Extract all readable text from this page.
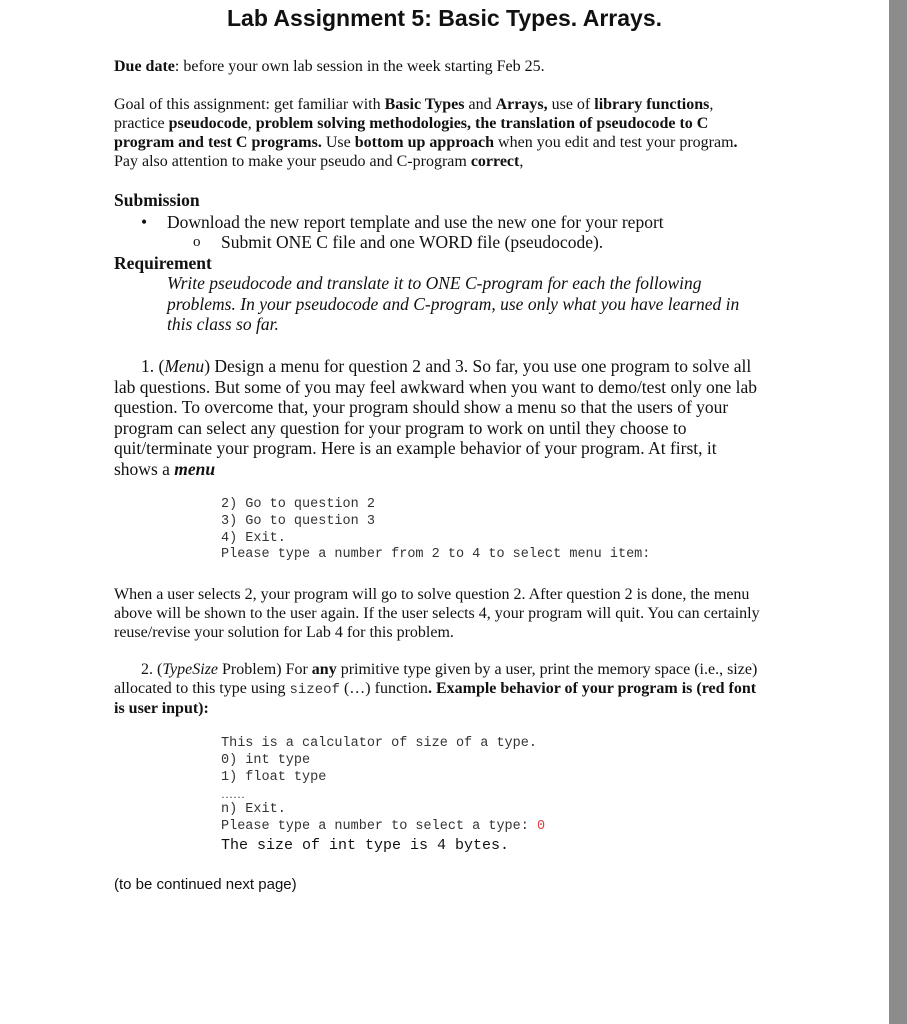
Lab Assignment 5: Basic Types. Arrays.
Due date: before your own lab session in the week starting Feb 25.
Goal of this assignment: get familiar with Basic Types and Arrays, use of library functions, practice pseudocode, problem solving methodologies, the translation of pseudocode to C program and test C programs. Use bottom up approach when you edit and test your program. Pay also attention to make your pseudo and C-program correct,
Submission
• Download the new report template and use the new one for your report
o Submit ONE C file and one WORD file (pseudocode).
Requirement
Write pseudocode and translate it to ONE C-program for each the following problems. In your pseudocode and C-program, use only what you have learned in this class so far.
1. (Menu) Design a menu for question 2 and 3. So far, you use one program to solve all lab questions. But some of you may feel awkward when you want to demo/test only one lab question. To overcome that, your program should show a menu so that the users of your program can select any question for your program to work on until they choose to quit/terminate your program. Here is an example behavior of your program. At first, it shows a menu
2) Go to question 2
3) Go to question 3
4) Exit.
Please type a number from 2 to 4 to select menu item:
When a user selects 2, your program will go to solve question 2. After question 2 is done, the menu above will be shown to the user again. If the user selects 4, your program will quit. You can certainly reuse/revise your solution for Lab 4 for this problem.
2. (TypeSize Problem) For any primitive type given by a user, print the memory space (i.e., size) allocated to this type using sizeof (…) function. Example behavior of your program is (red font is user input):
This is a calculator of size of a type.
0) int type
1) float type
……
n) Exit.
Please type a number to select a type: 0
The size of int type is 4 bytes.
(to be continued next page)
